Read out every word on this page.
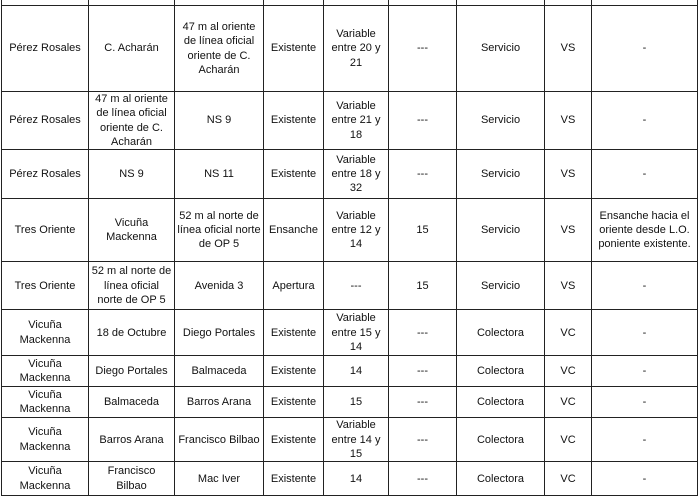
Pérez Rosales	C. Acharán	47 m al oriente de línea oficial oriente de C. Acharán	Existente	Variable entre 20 y 21	---	Servicio	VS	-
Pérez Rosales	47 m al oriente de línea oficial oriente de C. Acharán	NS 9	Existente	Variable entre 21 y 18	---	Servicio	VS	-
Pérez Rosales	NS 9	NS 11	Existente	Variable entre 18 y 32	---	Servicio	VS	-
Tres Oriente	Vicuña Mackenna	52 m al norte de línea oficial norte de OP 5	Ensanche	Variable entre 12 y 14	15	Servicio	VS	Ensanche hacia el oriente desde L.O. poniente existente.
Tres Oriente	52 m al norte de línea oficial norte de OP 5	Avenida 3	Apertura	---	15	Servicio	VS	-
Vicuña Mackenna	18 de Octubre	Diego Portales	Existente	Variable entre 15 y 14	---	Colectora	VC	-
Vicuña Mackenna	Diego Portales	Balmaceda	Existente	14	---	Colectora	VC	-
Vicuña Mackenna	Balmaceda	Barros Arana	Existente	15	---	Colectora	VC	-
Vicuña Mackenna	Barros Arana	Francisco Bilbao	Existente	Variable entre 14 y 15	---	Colectora	VC	-
Vicuña Mackenna	Francisco Bilbao	Mac Iver	Existente	14	---	Colectora	VC	-
